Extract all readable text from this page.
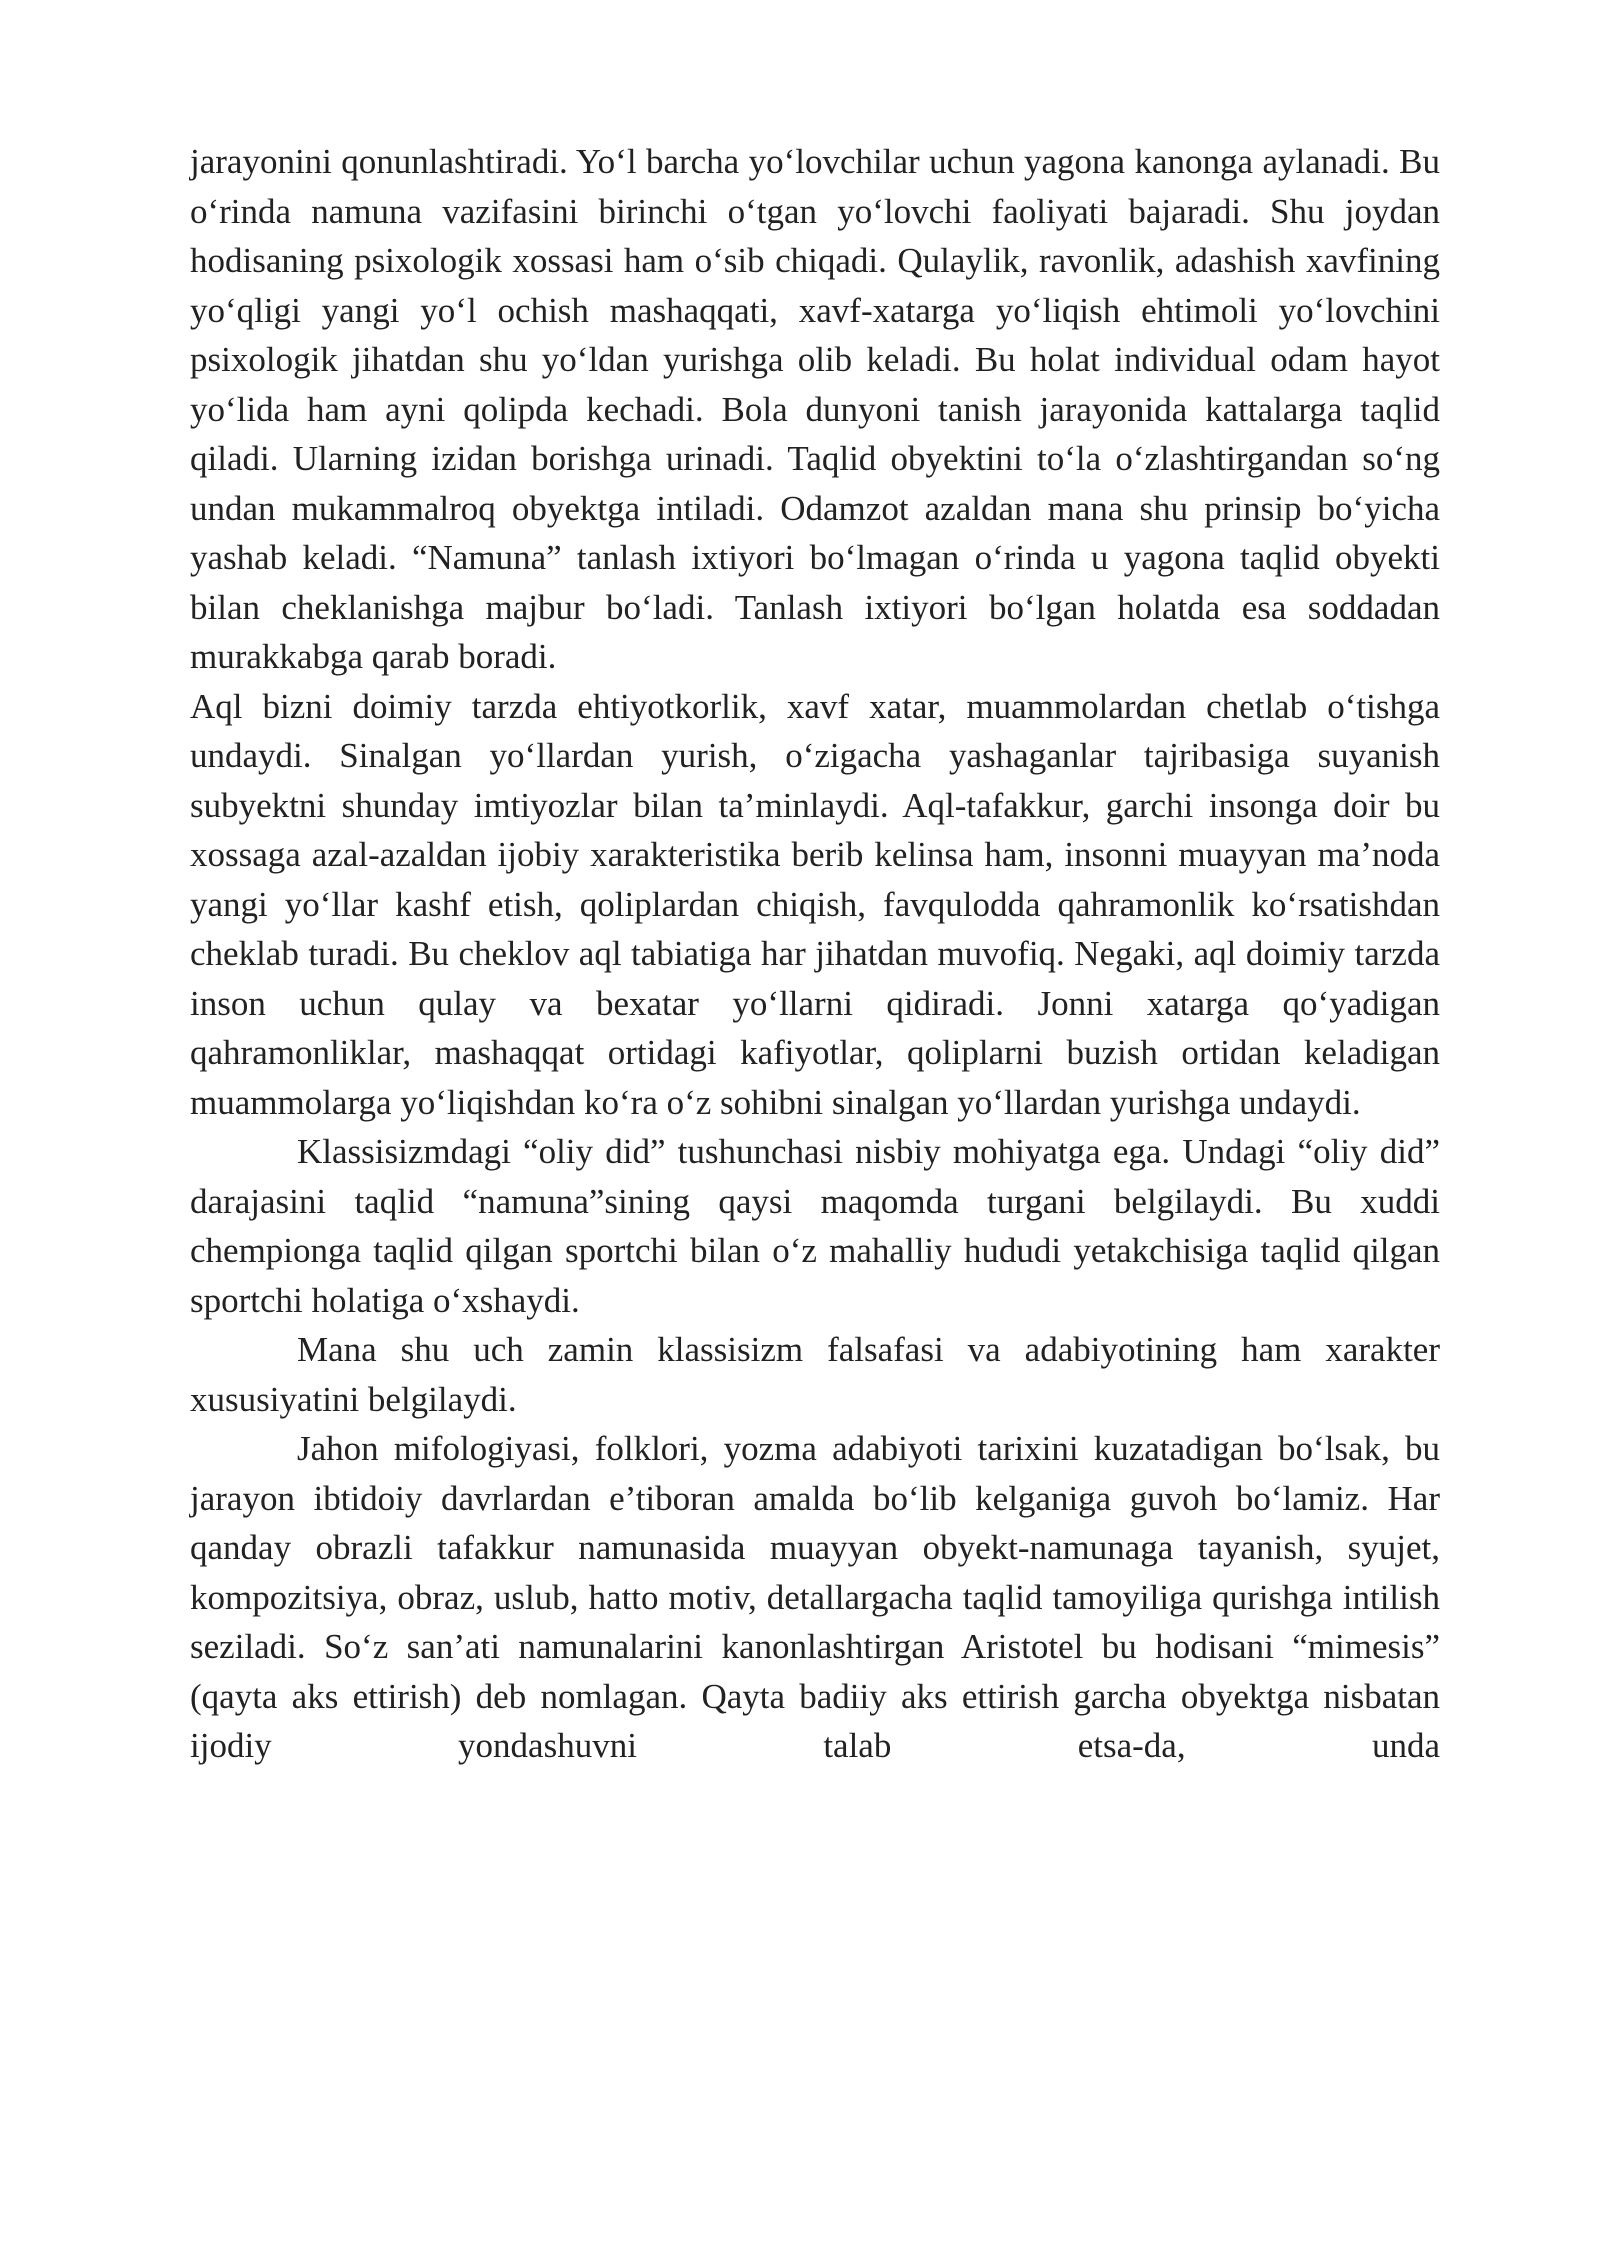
jarayonini qonunlashtiradi. Yo‘l barcha yo‘lovchilar uchun yagona kanonga aylanadi. Bu o‘rinda namuna vazifasini birinchi o‘tgan yo‘lovchi faoliyati bajaradi. Shu joydan hodisaning psixologik xossasi ham o‘sib chiqadi. Qulaylik, ravonlik, adashish xavfining yo‘qligi yangi yo‘l ochish mashaqqati, xavf-xatarga yo‘liqish ehtimoli yo‘lovchini psixologik jihatdan shu yo‘ldan yurishga olib keladi. Bu holat individual odam hayot yo‘lida ham ayni qolipda kechadi. Bola dunyoni tanish jarayonida kattalarga taqlid qiladi. Ularning izidan borishga urinadi. Taqlid obyektini to‘la o‘zlashtirgandan so‘ng undan mukammalroq obyektga intiladi. Odamzot azaldan mana shu prinsip bo‘yicha yashab keladi. “Namuna” tanlash ixtiyori bo‘lmagan o‘rinda u yagona taqlid obyekti bilan cheklanishga majbur bo‘ladi. Tanlash ixtiyori bo‘lgan holatda esa soddadan murakkabga qarab boradi.

Aql bizni doimiy tarzda ehtiyotkorlik, xavf xatar, muammolardan chetlab o‘tishga undaydi. Sinalgan yo‘llardan yurish, o‘zigacha yashaganlar tajribasiga suyanish subyektni shunday imtiyozlar bilan ta’minlaydi. Aql-tafakkur, garchi insonga doir bu xossaga azal-azaldan ijobiy xarakteristika berib kelinsa ham, insonni muayyan ma’noda yangi yo‘llar kashf etish, qoliplardan chiqish, favqulodda qahramonlik ko‘rsatishdan cheklab turadi. Bu cheklov aql tabiatiga har jihatdan muvofiq. Negaki, aql doimiy tarzda inson uchun qulay va bexatar yo‘llarni qidiradi. Jonni xatarga qo‘yadigan qahramonliklar, mashaqqat ortidagi kafiyotlar, qoliplarni buzish ortidan keladigan muammolarga yo‘liqishdan ko‘ra o‘z sohibni sinalgan yo‘llardan yurishga undaydi.

Klassisizmdagi “oliy did” tushunchasi nisbiy mohiyatga ega. Undagi “oliy did” darajasini taqlid “namuna”sining qaysi maqomda turgani belgilaydi. Bu xuddi chempionga taqlid qilgan sportchi bilan o‘z mahalliy hududi yetakchisiga taqlid qilgan sportchi holatiga o‘xshaydi.

Mana shu uch zamin klassisizm falsafasi va adabiyotining ham xarakter xususiyatini belgilaydi.

Jahon mifologiyasi, folklori, yozma adabiyoti tarixini kuzatadigan bo‘lsak, bu jarayon ibtidoiy davrlardan e’tiboran amalda bo‘lib kelganiga guvoh bo‘lamiz. Har qanday obrazli tafakkur namunasida muayyan obyekt-namunaga tayanish, syujet, kompozitsiya, obraz, uslub, hatto motiv, detallargacha taqlid tamoyiliga qurishga intilish seziladi. So‘z san’ati namunalarini kanonlashtirgan Aristotel bu hodisani “mimesis” (qayta aks ettirish) deb nomlagan. Qayta badiiy aks ettirish garcha obyektga nisbatan ijodiy yondashuvni talab etsa-da, unda
